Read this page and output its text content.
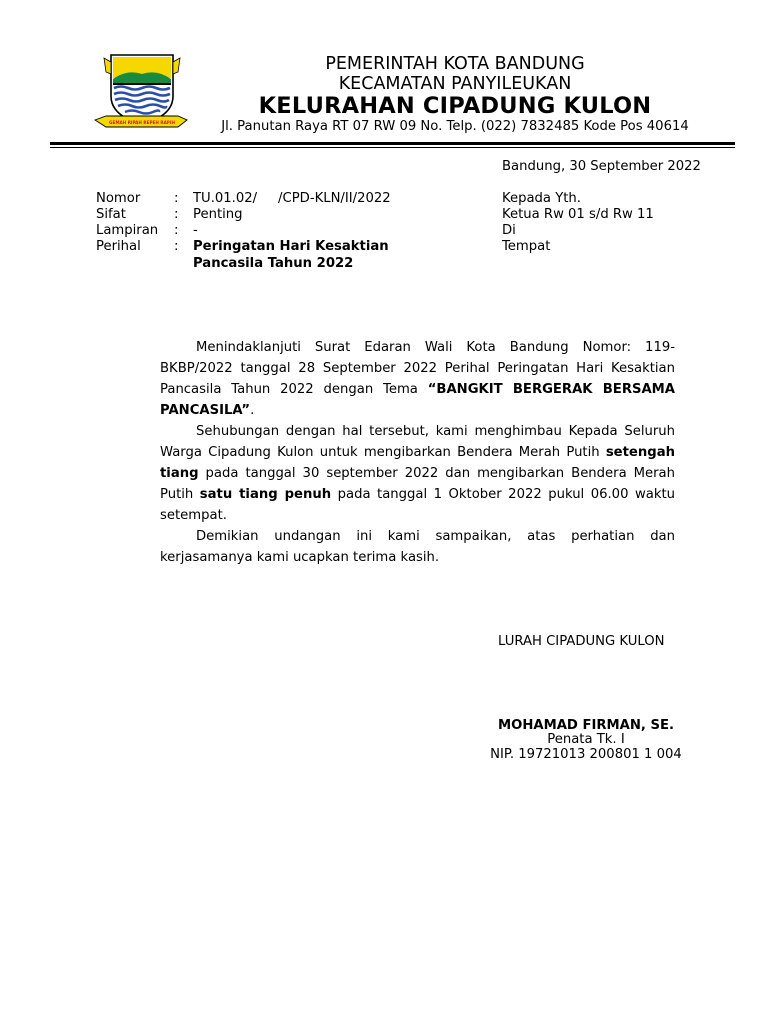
GEMAH RIPAH REPEH RAPIH
PEMERINTAH KOTA BANDUNG
KECAMATAN PANYILEUKAN
KELURAHAN CIPADUNG KULON
Jl. Panutan Raya RT 07 RW 09 No. Telp. (022) 7832485 Kode Pos 40614
Bandung, 30 September 2022
Nomor	: TU.01.02/     /CPD-KLN/II/2022
Sifat	: Penting
Lampiran : -
Perihal	: Peringatan Hari Kesaktian
Pancasila Tahun 2022
Kepada Yth.
Ketua Rw 01 s/d Rw 11
Di
Tempat

Menindaklanjuti Surat Edaran Wali Kota Bandung Nomor: 119-BKBP/2022 tanggal 28 September 2022 Perihal Peringatan Hari Kesaktian Pancasila Tahun 2022 dengan Tema “BANGKIT BERGERAK BERSAMA PANCASILA”.

Sehubungan dengan hal tersebut, kami menghimbau Kepada Seluruh Warga Cipadung Kulon untuk mengibarkan Bendera Merah Putih setengah tiang pada tanggal 30 september 2022 dan mengibarkan Bendera Merah Putih satu tiang penuh pada tanggal 1 Oktober 2022 pukul 06.00 waktu setempat.

Demikian undangan ini kami sampaikan, atas perhatian dan kerjasamanya kami ucapkan terima kasih.

LURAH CIPADUNG KULON
MOHAMAD FIRMAN, SE.
Penata Tk. I
NIP. 19721013 200801 1 004
